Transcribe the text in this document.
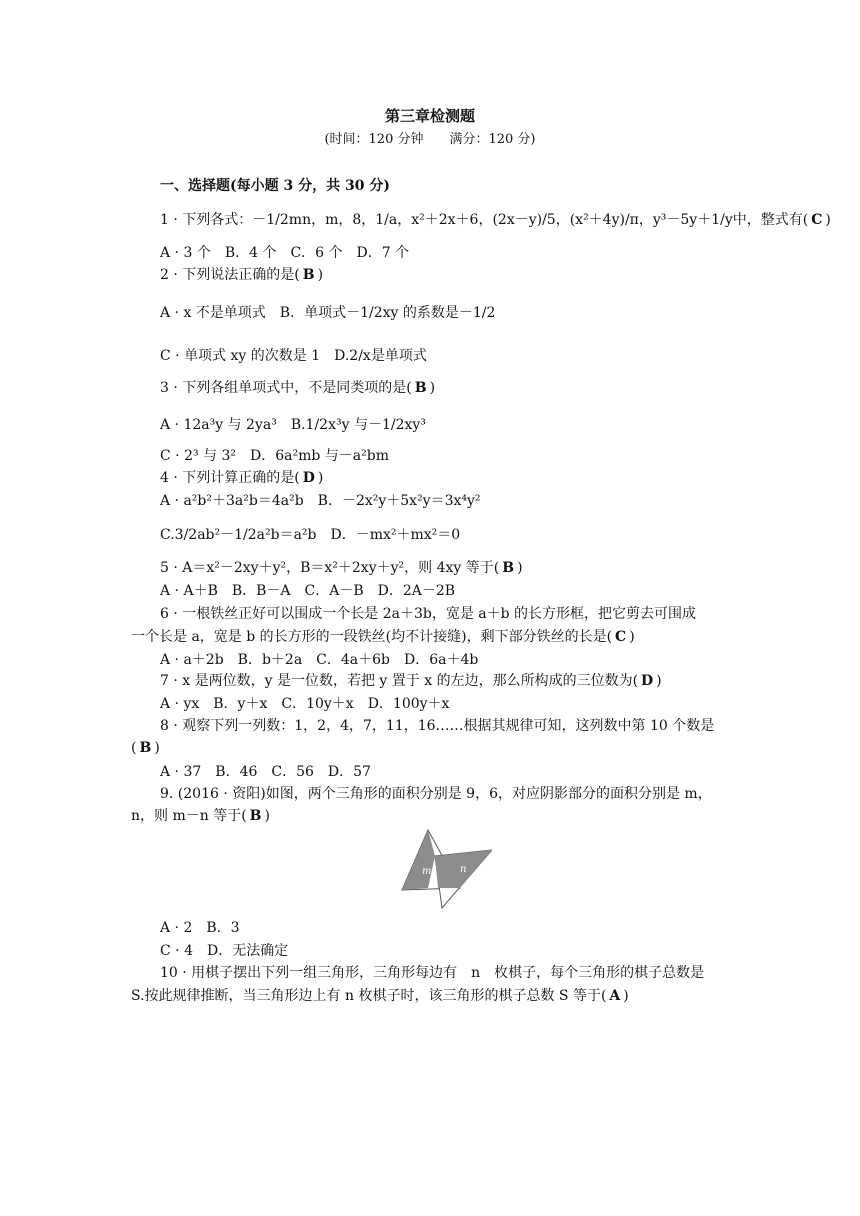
第三章检测题
(时间：120 分钟　　满分：120 分)
一、选择题(每小题 3 分，共 30 分)
1 · 下列各式：－1/2mn，m，8，1/a，x²＋2x＋6，(2x－y)/5，(x²＋4y)/π，y³－5y＋1/y中，整式有( C )
A · 3 个　B．4 个　C．6 个　D．7 个
2 · 下列说法正确的是( B )
A · x 不是单项式　B．单项式－1/2xy 的系数是－1/2
C · 单项式 xy 的次数是 1　D.2/x是单项式
3 · 下列各组单项式中，不是同类项的是( B )
A · 12a³y 与 2ya³　B.1/2x³y 与－1/2xy³
C · 2³ 与 3²　D．6a²mb 与－a²bm
4 · 下列计算正确的是( D )
A · a²b²＋3a²b＝4a²b　B．－2x²y＋5x²y＝3x⁴y²
C.3/2ab²－1/2a²b＝a²b　D．－mx²＋mx²＝0
5 · A＝x²－2xy＋y²，B＝x²＋2xy＋y²，则 4xy 等于( B )
A · A＋B　B．B－A　C．A－B　D．2A－2B
6 · 一根铁丝正好可以围成一个长是 2a＋3b，宽是 a＋b 的长方形框，把它剪去可围成
一个长是 a，宽是 b 的长方形的一段铁丝(均不计接缝)，剩下部分铁丝的长是( C )
A · a＋2b　B．b＋2a　C．4a＋6b　D．6a＋4b
7 · x 是两位数，y 是一位数，若把 y 置于 x 的左边，那么所构成的三位数为( D )
A · yx　B．y＋x　C．10y＋x　D．100y＋x
8 · 观察下列一列数：1，2，4，7，11，16……根据其规律可知，这列数中第 10 个数是
( B )
A · 37　B．46　C．56　D．57
9. (2016 · 资阳)如图，两个三角形的面积分别是 9，6，对应阴影部分的面积分别是 m，
n，则 m－n 等于( B )
A · 2　B．3
C · 4　D．无法确定
10 · 用棋子摆出下列一组三角形，三角形每边有　n　枚棋子，每个三角形的棋子总数是
S.按此规律推断，当三角形边上有 n 枚棋子时，该三角形的棋子总数 S 等于( A )
m	n
